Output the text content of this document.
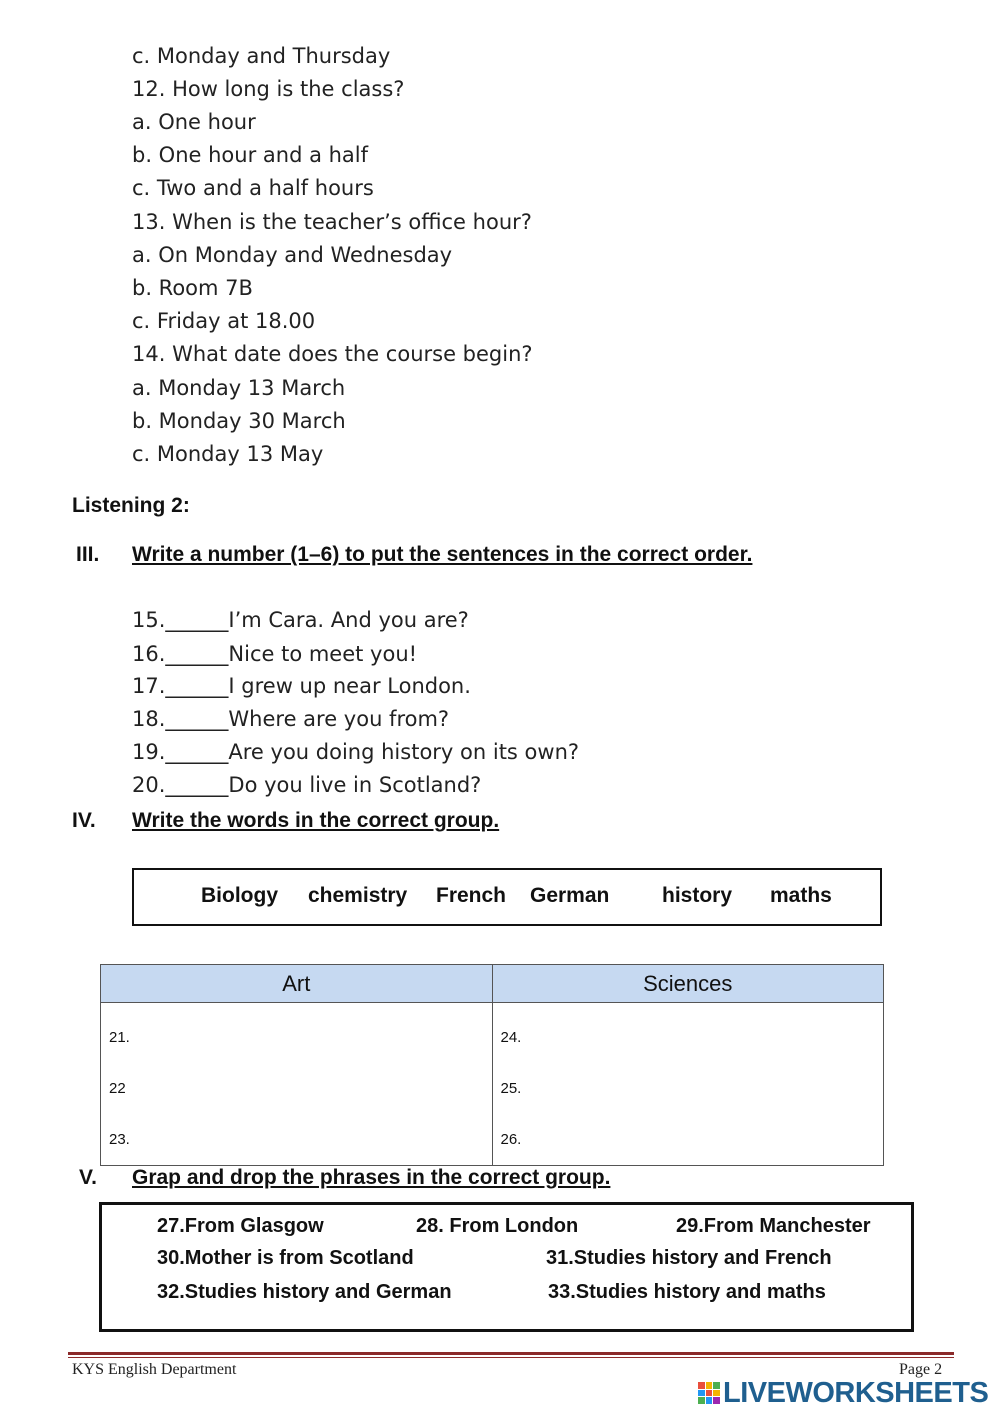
c. Monday and Thursday
12. How long is the class?
a. One hour
b. One hour and a half
c. Two and a half hours
13. When is the teacher’s office hour?
a. On Monday and Wednesday
b. Room 7B
c. Friday at 18.00
14. What date does the course begin?
a. Monday 13 March
b. Monday 30 March
c. Monday 13 May
Listening 2:
III. Write a number (1–6) to put the sentences in the correct order.
15.______I’m Cara. And you are?
16.______Nice to meet you!
17.______I grew up near London.
18.______Where are you from?
19.______Are you doing history on its own?
20.______Do you live in Scotland?
IV. Write the words in the correct group.
Biology chemistry French German	history maths
Art	Sciences
21.	24.
22	25.
23.	26.
V. Grap and drop the phrases in the correct group.
27.From Glasgow	28. From London	29.From Manchester
30.Mother is from Scotland	31.Studies history and French
32.Studies history and German	33.Studies history and maths
KYS English Department	Page 2
LIVEWORKSHEETS
